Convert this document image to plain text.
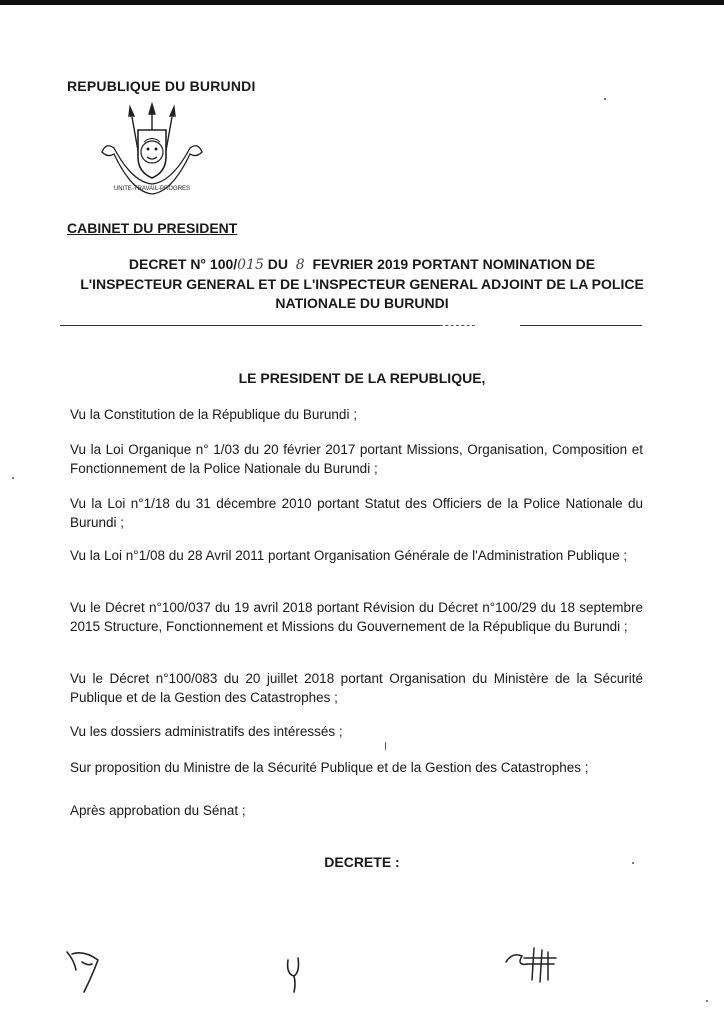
REPUBLIQUE DU BURUNDI
UNITE-TRAVAIL-PROGRES
CABINET DU PRESIDENT
DECRET N° 100/015 DU  8  FEVRIER 2019 PORTANT NOMINATION DE
L'INSPECTEUR GENERAL ET DE L'INSPECTEUR GENERAL ADJOINT DE LA POLICE
NATIONALE DU BURUNDI
LE PRESIDENT DE LA REPUBLIQUE,
Vu la Constitution de la République du Burundi ;
Vu la Loi Organique n° 1/03 du 20 février 2017 portant Missions, Organisation, Composition et Fonctionnement de la Police Nationale du Burundi ;
Vu la Loi n°1/18 du 31 décembre 2010 portant Statut des Officiers de la Police Nationale du Burundi ;
Vu la Loi n°1/08 du 28 Avril 2011 portant Organisation Générale de l'Administration Publique ;
Vu le Décret n°100/037 du 19 avril 2018 portant Révision du Décret n°100/29 du 18 septembre 2015 Structure, Fonctionnement et Missions du Gouvernement de la République du Burundi ;
Vu le Décret n°100/083 du 20 juillet 2018 portant Organisation du Ministère de la Sécurité Publique et de la Gestion des Catastrophes ;
Vu les dossiers administratifs des intéressés ;
Sur proposition du Ministre de la Sécurité Publique et de la Gestion des Catastrophes ;
Après approbation du Sénat ;
DECRETE :
